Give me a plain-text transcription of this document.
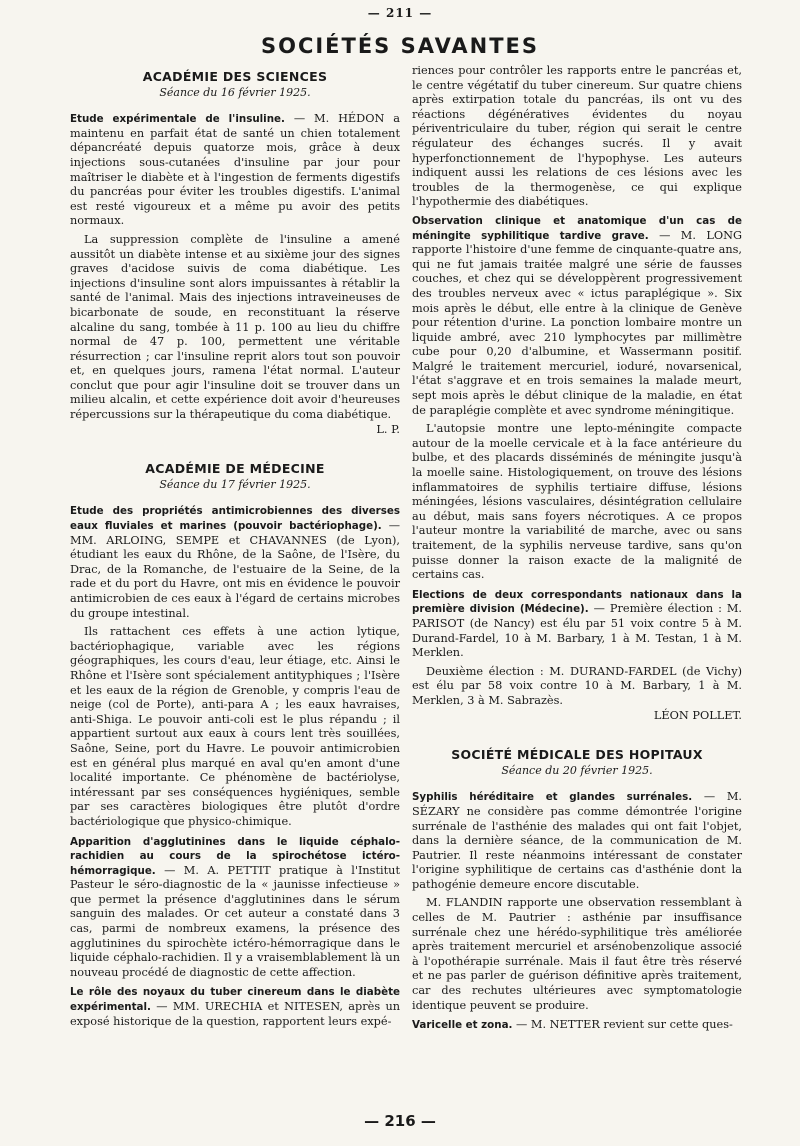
— 211 —
SOCIÉTÉS SAVANTES
ACADÉMIE DES SCIENCES
Séance du 16 février 1925.

Etude expérimentale de l'insuline. — M. HÉDON a maintenu en parfait état de santé un chien totalement dépancréaté depuis quatorze mois, grâce à deux injections sous-cutanées d'insuline par jour pour maîtriser le diabète et à l'ingestion de ferments digestifs du pancréas pour éviter les troubles digestifs. L'animal est resté vigoureux et a même pu avoir des petits normaux.

La suppression complète de l'insuline a amené aussitôt un diabète intense et au sixième jour des signes graves d'acidose suivis de coma diabétique. Les injections d'insuline sont alors impuissantes à rétablir la santé de l'animal. Mais des injections intraveineuses de bicarbonate de soude, en reconstituant la réserve alcaline du sang, tombée à 11 p. 100 au lieu du chiffre normal de 47 p. 100, permettent une véritable résurrection ; car l'insuline reprit alors tout son pouvoir et, en quelques jours, ramena l'état normal. L'auteur conclut que pour agir l'insuline doit se trouver dans un milieu alcalin, et cette expérience doit avoir d'heureuses répercussions sur la thérapeutique du coma diabétique.
L. P.

ACADÉMIE DE MÉDECINE
Séance du 17 février 1925.

Etude des propriétés antimicrobiennes des diverses eaux fluviales et marines (pouvoir bactériophage). — MM. ARLOING, SEMPE et CHAVANNES (de Lyon), étudiant les eaux du Rhône, de la Saône, de l'Isère, du Drac, de la Romanche, de l'estuaire de la Seine, de la rade et du port du Havre, ont mis en évidence le pouvoir antimicrobien de ces eaux à l'égard de certains microbes du groupe intestinal.

Ils rattachent ces effets à une action lytique, bactériophagique, variable avec les régions géographiques, les cours d'eau, leur étiage, etc. Ainsi le Rhône et l'Isère sont spécialement antityphiques ; l'Isère et les eaux de la région de Grenoble, y compris l'eau de neige (col de Porte), anti-para A ; les eaux havraises, anti-Shiga. Le pouvoir anti-coli est le plus répandu ; il appartient surtout aux eaux à cours lent très souillées, Saône, Seine, port du Havre. Le pouvoir antimicrobien est en général plus marqué en aval qu'en amont d'une localité importante. Ce phénomène de bactériolyse, intéressant par ses conséquences hygiéniques, semble par ses caractères biologiques être plutôt d'ordre bactériologique que physico-chimique.

Apparition d'agglutinines dans le liquide céphalo-rachidien au cours de la spirochétose ictéro-hémorragique. — M. A. PETTIT pratique à l'Institut Pasteur le séro-diagnostic de la « jaunisse infectieuse » que permet la présence d'agglutinines dans le sérum sanguin des malades. Or cet auteur a constaté dans 3 cas, parmi de nombreux examens, la présence des agglutinines du spirochète ictéro-hémorragique dans le liquide céphalo-rachidien. Il y a vraisemblablement là un nouveau procédé de diagnostic de cette affection.

Le rôle des noyaux du tuber cinereum dans le diabète expérimental. — MM. URECHIA et NITESEN, après un exposé historique de la question, rapportent leurs expé-

riences pour contrôler les rapports entre le pancréas et, le centre végétatif du tuber cinereum. Sur quatre chiens après extirpation totale du pancréas, ils ont vu des réactions dégénératives évidentes du noyau périventriculaire du tuber, région qui serait le centre régulateur des échanges sucrés. Il y avait hyperfonctionnement de l'hypophyse. Les auteurs indiquent aussi les relations de ces lésions avec les troubles de la thermogenèse, ce qui explique l'hypothermie des diabétiques.

Observation clinique et anatomique d'un cas de méningite syphilitique tardive grave. — M. LONG rapporte l'histoire d'une femme de cinquante-quatre ans, qui ne fut jamais traitée malgré une série de fausses couches, et chez qui se développèrent progressivement des troubles nerveux avec « ictus paraplégique ». Six mois après le début, elle entre à la clinique de Genève pour rétention d'urine. La ponction lombaire montre un liquide ambré, avec 210 lymphocytes par millimètre cube pour 0,20 d'albumine, et Wassermann positif. Malgré le traitement mercuriel, ioduré, novarsenical, l'état s'aggrave et en trois semaines la malade meurt, sept mois après le début clinique de la maladie, en état de paraplégie complète et avec syndrome méningitique.

L'autopsie montre une lepto-méningite compacte autour de la moelle cervicale et à la face antérieure du bulbe, et des placards disséminés de méningite jusqu'à la moelle saine. Histologiquement, on trouve des lésions inflammatoires de syphilis tertiaire diffuse, lésions méningées, lésions vasculaires, désintégration cellulaire au début, mais sans foyers nécrotiques. A ce propos l'auteur montre la variabilité de marche, avec ou sans traitement, de la syphilis nerveuse tardive, sans qu'on puisse donner la raison exacte de la malignité de certains cas.

Elections de deux correspondants nationaux dans la première division (Médecine). — Première élection : M. PARISOT (de Nancy) est élu par 51 voix contre 5 à M. Durand-Fardel, 10 à M. Barbary, 1 à M. Testan, 1 à M. Merklen.

Deuxième élection : M. DURAND-FARDEL (de Vichy) est élu par 58 voix contre 10 à M. Barbary, 1 à M. Merklen, 3 à M. Sabrazès.
LÉON POLLET.

SOCIÉTÉ MÉDICALE DES HOPITAUX
Séance du 20 février 1925.

Syphilis héréditaire et glandes surrénales. — M. SÉZARY ne considère pas comme démontrée l'origine surrénale de l'asthénie des malades qui ont fait l'objet, dans la dernière séance, de la communication de M. Pautrier. Il reste néanmoins intéressant de constater l'origine syphilitique de certains cas d'asthénie dont la pathogénie demeure encore discutable.

M. FLANDIN rapporte une observation ressemblant à celles de M. Pautrier : asthénie par insuffisance surrénale chez une hérédo-syphilitique très améliorée après traitement mercuriel et arsénobenzolique associé à l'opothérapie surrénale. Mais il faut être très réservé et ne pas parler de guérison définitive après traitement, car des rechutes ultérieures avec symptomatologie identique peuvent se produire.

Varicelle et zona. — M. NETTER revient sur cette ques-

— 216 —
